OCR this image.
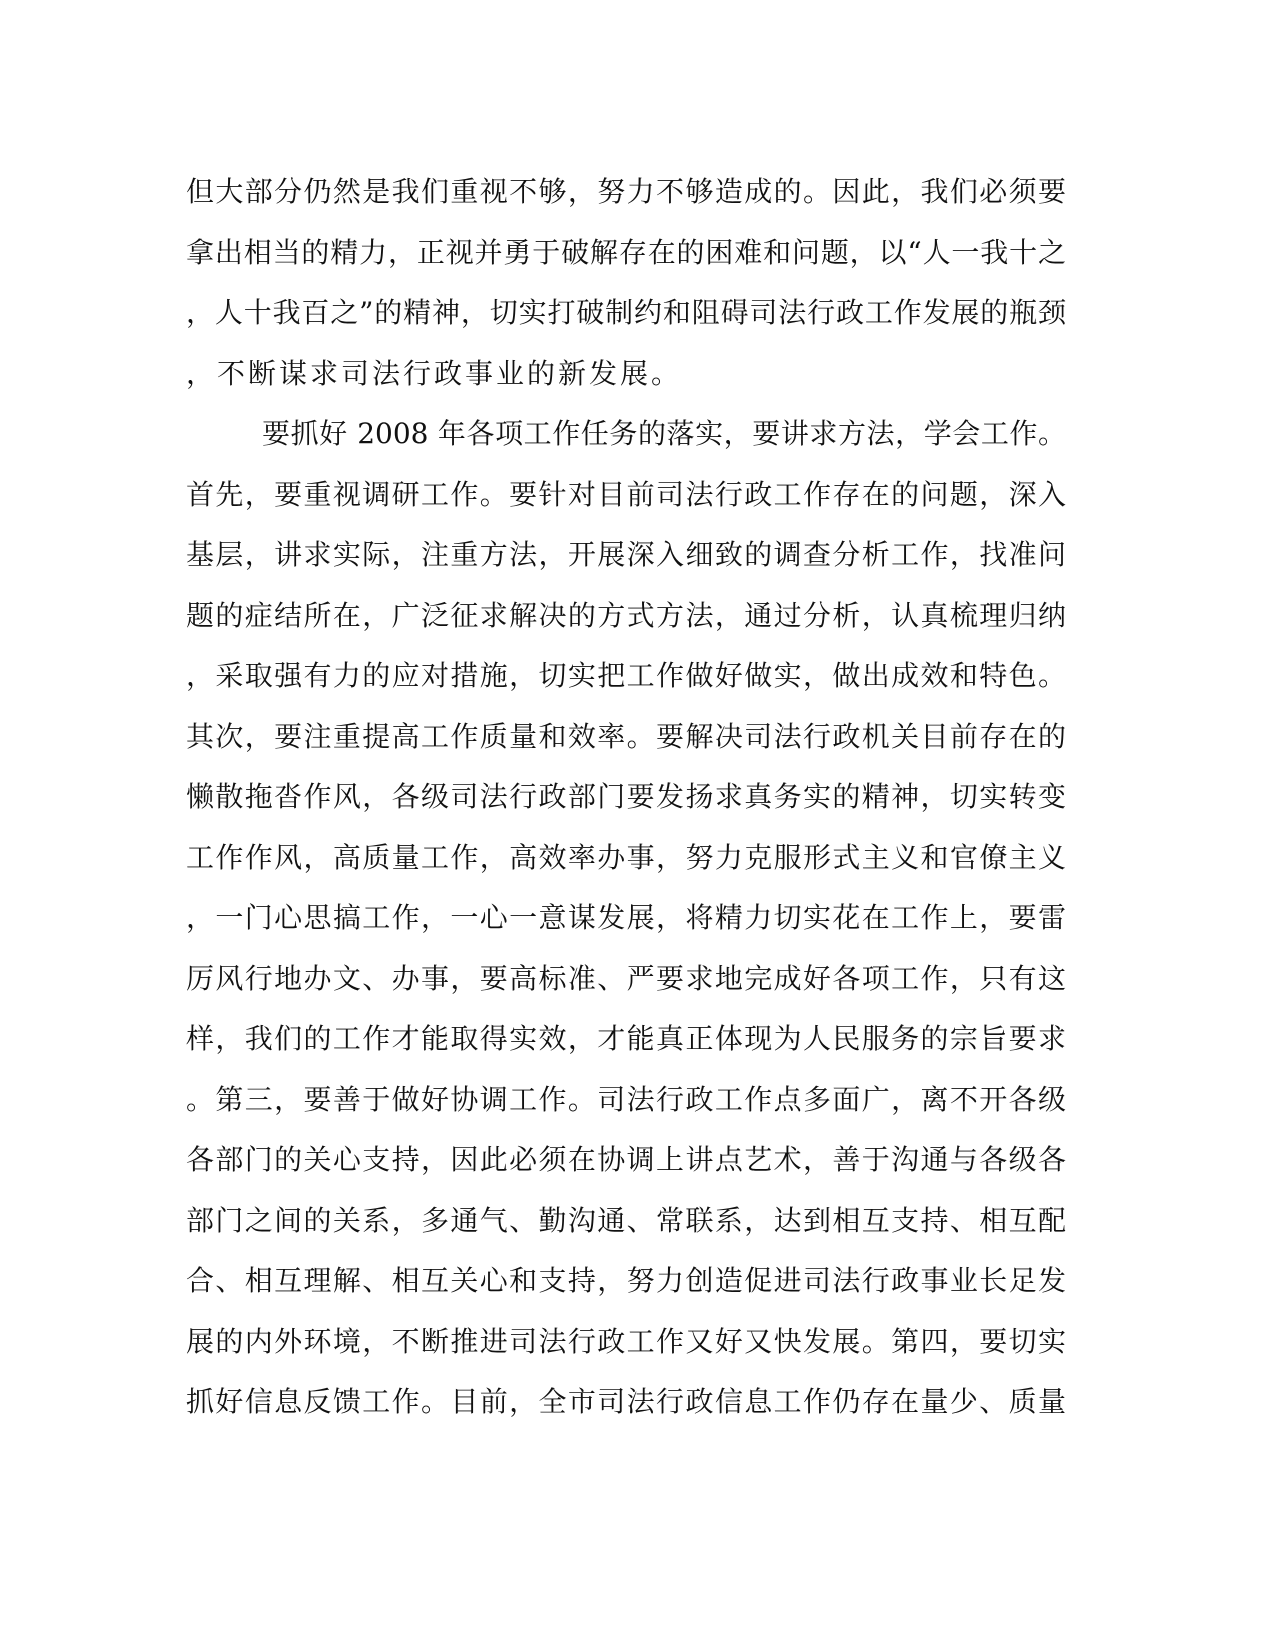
但大部分仍然是我们重视不够，努力不够造成的。因此，我们必须要
拿出相当的精力，正视并勇于破解存在的困难和问题，以“人一我十之
，人十我百之”的精神，切实打破制约和阻碍司法行政工作发展的瓶颈
，不断谋求司法行政事业的新发展。
要抓好 2008 年各项工作任务的落实，要讲求方法，学会工作。
首先，要重视调研工作。要针对目前司法行政工作存在的问题，深入
基层，讲求实际，注重方法，开展深入细致的调查分析工作，找准问
题的症结所在，广泛征求解决的方式方法，通过分析，认真梳理归纳
，采取强有力的应对措施，切实把工作做好做实，做出成效和特色。
其次，要注重提高工作质量和效率。要解决司法行政机关目前存在的
懒散拖沓作风，各级司法行政部门要发扬求真务实的精神，切实转变
工作作风，高质量工作，高效率办事，努力克服形式主义和官僚主义
，一门心思搞工作，一心一意谋发展，将精力切实花在工作上，要雷
厉风行地办文、办事，要高标准、严要求地完成好各项工作，只有这
样，我们的工作才能取得实效，才能真正体现为人民服务的宗旨要求
。第三，要善于做好协调工作。司法行政工作点多面广，离不开各级
各部门的关心支持，因此必须在协调上讲点艺术，善于沟通与各级各
部门之间的关系，多通气、勤沟通、常联系，达到相互支持、相互配
合、相互理解、相互关心和支持，努力创造促进司法行政事业长足发
展的内外环境，不断推进司法行政工作又好又快发展。第四，要切实
抓好信息反馈工作。目前，全市司法行政信息工作仍存在量少、质量
